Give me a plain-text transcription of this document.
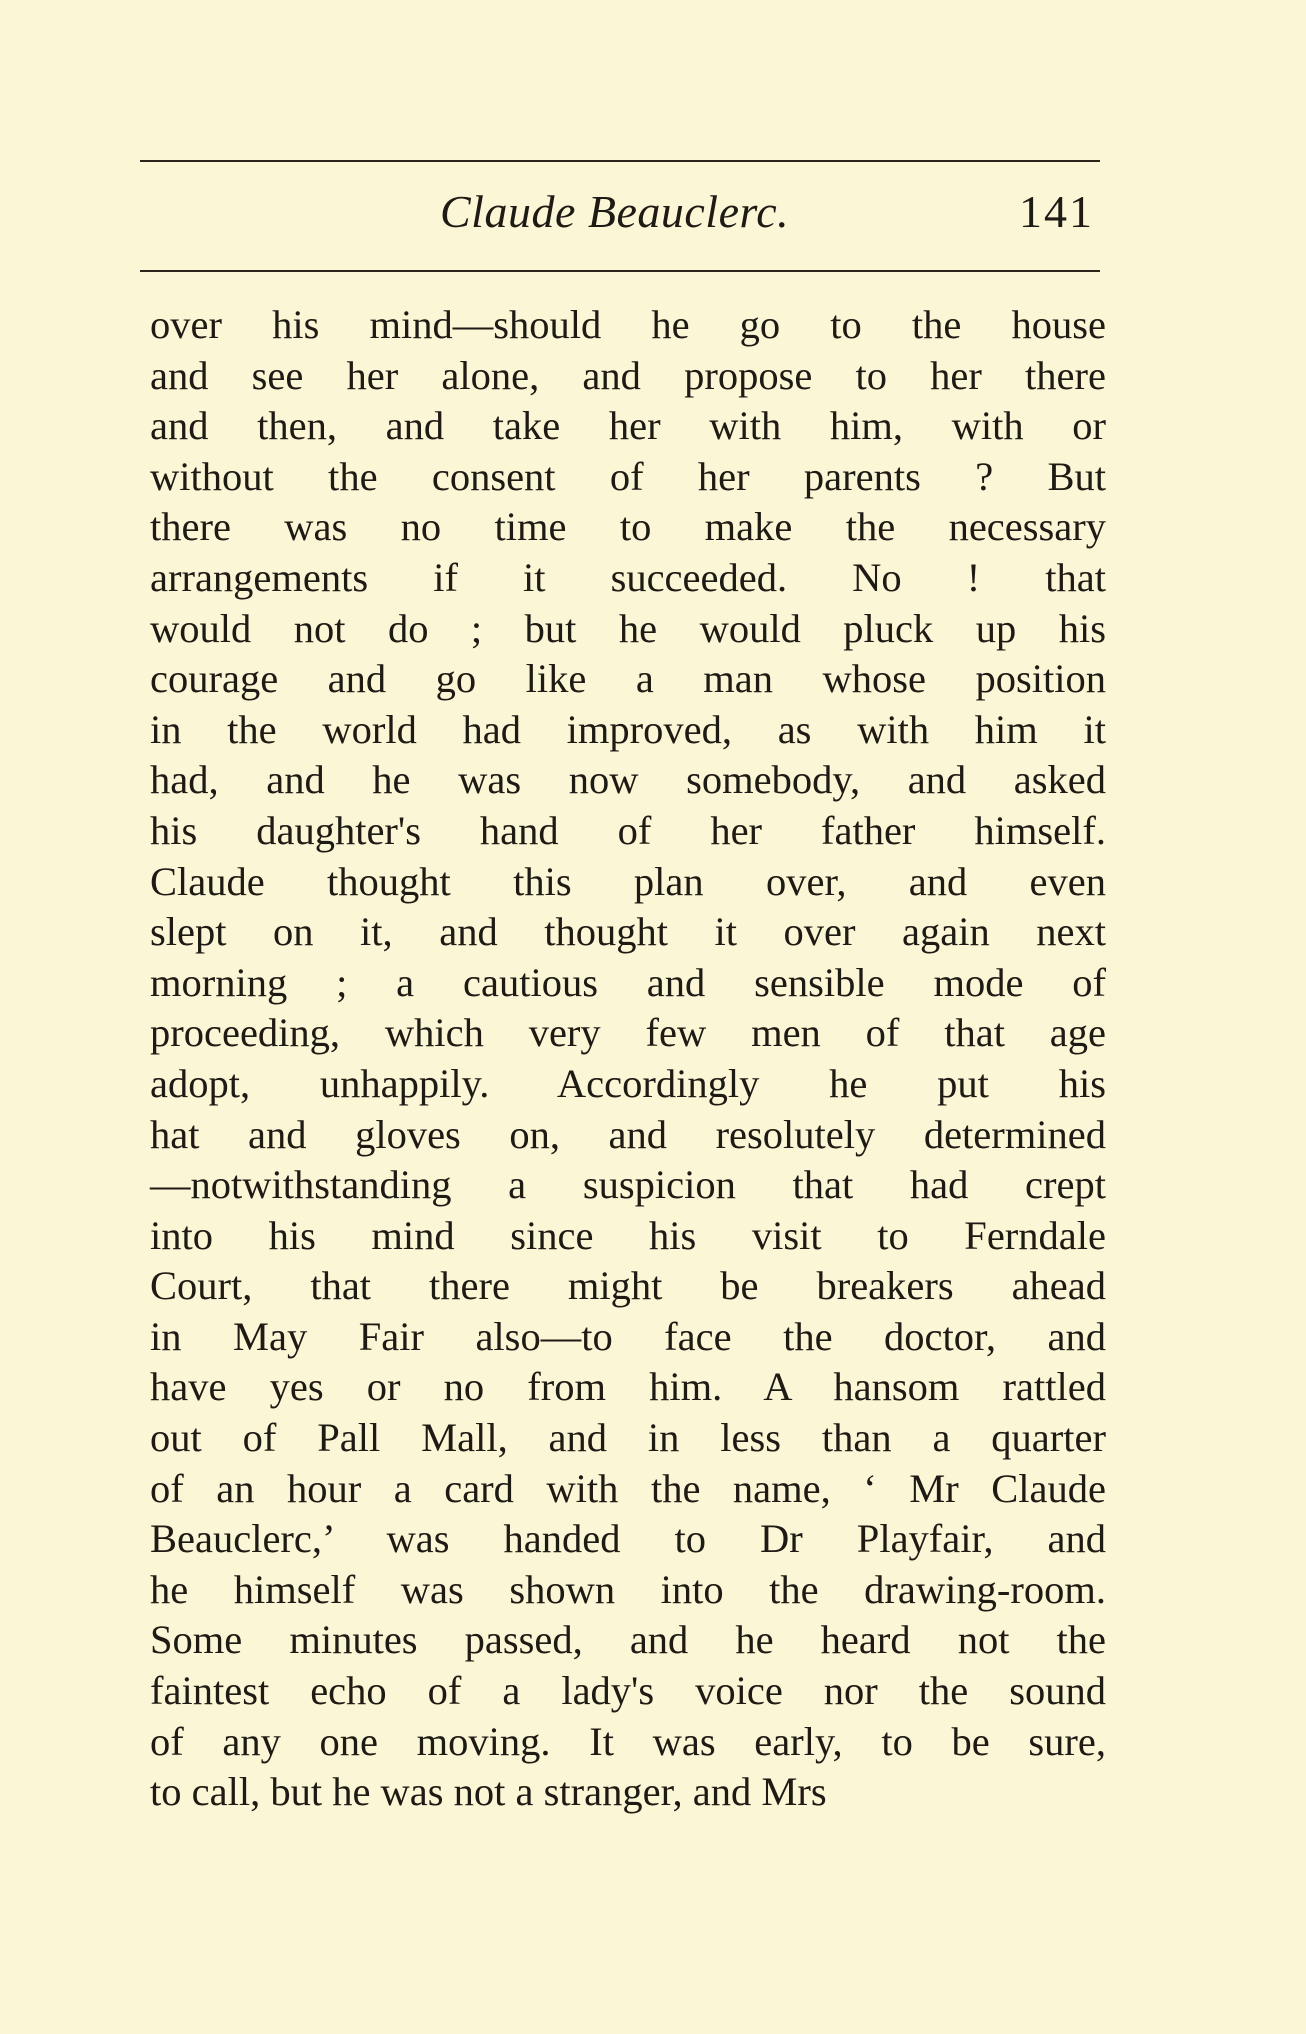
Claude Beauclerc.	141
over his mind—should he go to the house
and see her alone, and propose to her there
and then, and take her with him, with or
without the consent of her parents ? But
there was no time to make the necessary
arrangements if it succeeded. No ! that
would not do ; but he would pluck up his
courage and go like a man whose position
in the world had improved, as with him it
had, and he was now somebody, and asked
his daughter's hand of her father himself.
Claude thought this plan over, and even
slept on it, and thought it over again next
morning ; a cautious and sensible mode of
proceeding, which very few men of that age
adopt, unhappily. Accordingly he put his
hat and gloves on, and resolutely determined
—notwithstanding a suspicion that had crept
into his mind since his visit to Ferndale
Court, that there might be breakers ahead
in May Fair also—to face the doctor, and
have yes or no from him. A hansom rattled
out of Pall Mall, and in less than a quarter
of an hour a card with the name, ‘ Mr Claude
Beauclerc,’ was handed to Dr Playfair, and
he himself was shown into the drawing-room.
Some minutes passed, and he heard not the
faintest echo of a lady's voice nor the sound
of any one moving. It was early, to be sure,
to call, but he was not a stranger, and Mrs
